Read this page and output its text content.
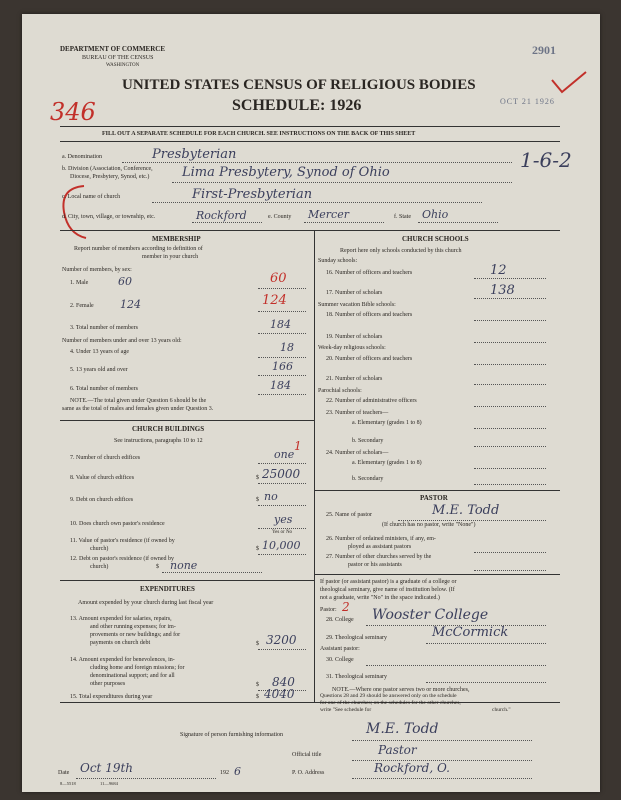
2901
OCT 21 1926
346
1-6-2
DEPARTMENT OF COMMERCE
BUREAU OF THE CENSUS
WASHINGTON
UNITED STATES CENSUS OF RELIGIOUS BODIES
SCHEDULE: 1926
FILL OUT A SEPARATE SCHEDULE FOR EACH CHURCH. SEE INSTRUCTIONS ON THE BACK OF THIS SHEET
a. Denomination	Presbyterian
b. Division (Association, Conference,
Diocese, Presbytery, Synod, etc.)	Lima Presbytery, Synod of Ohio
c. Local name of church	First-Presbyterian
d. City, town, village, or township, etc.	Rockford	e. County Mercer	f. State Ohio
MEMBERSHIP
Report number of members according to definition of
member in your church
Number of members, by sex:
1. Male	60	60
2. Female 124	124
3. Total number of members	184
Number of members under and over 13 years old:
4. Under 13 years of age	18
5. 13 years old and over	166
6. Total number of members	184
NOTE.—The total given under Question 6 should be the
same as the total of males and females given under Question 3.
CHURCH BUILDINGS
See instructions, paragraphs 10 to 12
7. Number of church edifices	one
1
8. Value of church edifices	$ 25000
9. Debt on church edifices	$ no
10. Does church own pastor's residence	yes
Yes or No
11. Value of pastor's residence (if owned by
church)	$ 10,000
12. Debt on pastor's residence (if owned by
church)	$ none
EXPENDITURES
Amount expended by your church during last fiscal year
13. Amount expended for salaries, repairs,
and other running expenses; for im-
provements or new buildings; and for
payments on church debt	$ 3200
14. Amount expended for benevolences, in-
cluding home and foreign missions; for
denominational support; and for all
other purposes	$ 840
15. Total expenditures during year	$ 4040
CHURCH SCHOOLS
Report here only schools conducted by this church
Sunday schools:
16. Number of officers and teachers	12
17. Number of scholars	138
Summer vacation Bible schools:
18. Number of officers and teachers
19. Number of scholars
Week-day religious schools:
20. Number of officers and teachers
21. Number of scholars
Parochial schools:
22. Number of administrative officers
23. Number of teachers—
a. Elementary (grades 1 to 8)
b. Secondary
24. Number of scholars—
a. Elementary (grades 1 to 8)
b. Secondary
PASTOR
25. Name of pastor	M.E. Todd
(If church has no pastor, write "None")
26. Number of ordained ministers, if any, em-
ployed as assistant pastors
27. Number of other churches served by the
pastor or his assistants
If pastor (or assistant pastor) is a graduate of a college or
theological seminary, give name of institution below. (If
not a graduate, write "No" in the space indicated.)
Pastor: 2
28. College Wooster College
29. Theological seminary	McCormick
Assistant pastor:
30. College
31. Theological seminary
NOTE.—Where one pastor serves two or more churches,
Questions 28 and 29 should be answered only on the schedule
for one of the churches; on the schedules for the other churches,
write "See schedule for	church."
Signature of person furnishing information	M.E. Todd
Official title	Pastor
Date Oct 19th	192 6	P. O. Address	Rockford, O.
8—5518	11—9684
